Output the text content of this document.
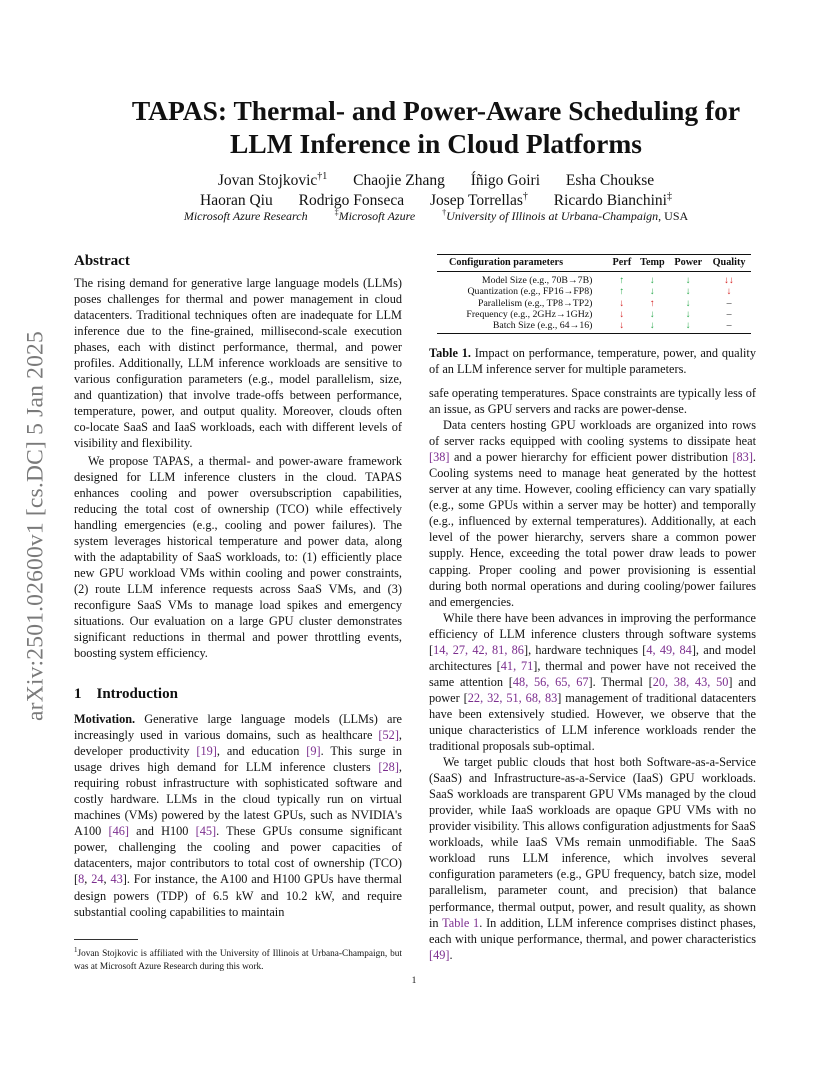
arXiv:2501.02600v1 [cs.DC] 5 Jan 2025
TAPAS: Thermal- and Power-Aware Scheduling for
LLM Inference in Cloud Platforms
Jovan Stojkovic$^{\dagger 1}$ Chaojie Zhang Íñigo Goiri Esha Choukse
Haoran Qiu Rodrigo Fonseca Josep Torrellas† Ricardo Bianchini‡
Microsoft Azure Research	‡Microsoft Azure	†University of Illinois at Urbana-Champaign, USA
Abstract

The rising demand for generative large language models (LLMs) poses challenges for thermal and power management in cloud datacenters. Traditional techniques often are inadequate for LLM inference due to the fine-grained, millisecond-scale execution phases, each with distinct performance, thermal, and power profiles. Additionally, LLM inference workloads are sensitive to various configuration parameters (e.g., model parallelism, size, and quantization) that involve trade-offs between performance, temperature, power, and output quality. Moreover, clouds often co-locate SaaS and IaaS workloads, each with different levels of visibility and flexibility.

We propose TAPAS, a thermal- and power-aware framework designed for LLM inference clusters in the cloud. TAPAS enhances cooling and power oversubscription capabilities, reducing the total cost of ownership (TCO) while effectively handling emergencies (e.g., cooling and power failures). The system leverages historical temperature and power data, along with the adaptability of SaaS workloads, to: (1) efficiently place new GPU workload VMs within cooling and power constraints, (2) route LLM inference requests across SaaS VMs, and (3) reconfigure SaaS VMs to manage load spikes and emergency situations. Our evaluation on a large GPU cluster demonstrates significant reductions in thermal and power throttling events, boosting system efficiency.

1 Introduction

Motivation. Generative large language models (LLMs) are increasingly used in various domains, such as healthcare [52], developer productivity [19], and education [9]. This surge in usage drives high demand for LLM inference clusters [28], requiring robust infrastructure with sophisticated software and costly hardware. LLMs in the cloud typically run on virtual machines (VMs) powered by the latest GPUs, such as NVIDIA's A100 [46] and H100 [45]. These GPUs consume significant power, challenging the cooling and power capacities of datacenters, major contributors to total cost of ownership (TCO) [8, 24, 43]. For instance, the A100 and H100 GPUs have thermal design powers (TDP) of 6.5 kW and 10.2 kW, and require substantial cooling capabilities to maintain

$^1$Jovan Stojkovic is affiliated with the University of Illinois at Urbana-Champaign, but was at Microsoft Azure Research during this work.
1
Configuration parameters	Perf	Temp	Power	Quality
Model Size (e.g., 70B→7B)	↑	↓	↓	↓↓
Quantization (e.g., FP16→FP8)	↑	↓	↓	↓
Parallelism (e.g., TP8→TP2)	↓	↑	↓	–
Frequency (e.g., 2GHz→1GHz)	↓	↓	↓	–
Batch Size (e.g., 64→16)	↓	↓	↓	–
Table 1. Impact on performance, temperature, power, and quality of an LLM inference server for multiple parameters.

safe operating temperatures. Space constraints are typically less of an issue, as GPU servers and racks are power-dense.

Data centers hosting GPU workloads are organized into rows of server racks equipped with cooling systems to dissipate heat [38] and a power hierarchy for efficient power distribution [83]. Cooling systems need to manage heat generated by the hottest server at any time. However, cooling efficiency can vary spatially (e.g., some GPUs within a server may be hotter) and temporally (e.g., influenced by external temperatures). Additionally, at each level of the power hierarchy, servers share a common power supply. Hence, exceeding the total power draw leads to power capping. Proper cooling and power provisioning is essential during both normal operations and during cooling/power failures and emergencies.

While there have been advances in improving the performance efficiency of LLM inference clusters through software systems [14, 27, 42, 81, 86], hardware techniques [4, 49, 84], and model architectures [41, 71], thermal and power have not received the same attention [48, 56, 65, 67]. Thermal [20, 38, 43, 50] and power [22, 32, 51, 68, 83] management of traditional datacenters have been extensively studied. However, we observe that the unique characteristics of LLM inference workloads render the traditional proposals sub-optimal.

We target public clouds that host both Software-as-a-Service (SaaS) and Infrastructure-as-a-Service (IaaS) GPU workloads. SaaS workloads are transparent GPU VMs managed by the cloud provider, while IaaS workloads are opaque GPU VMs with no provider visibility. This allows configuration adjustments for SaaS workloads, while IaaS VMs remain unmodifiable. The SaaS workload runs LLM inference, which involves several configuration parameters (e.g., GPU frequency, batch size, model parallelism, parameter count, and precision) that balance performance, thermal output, power, and result quality, as shown in Table 1. In addition, LLM inference comprises distinct phases, each with unique performance, thermal, and power characteristics [49].
